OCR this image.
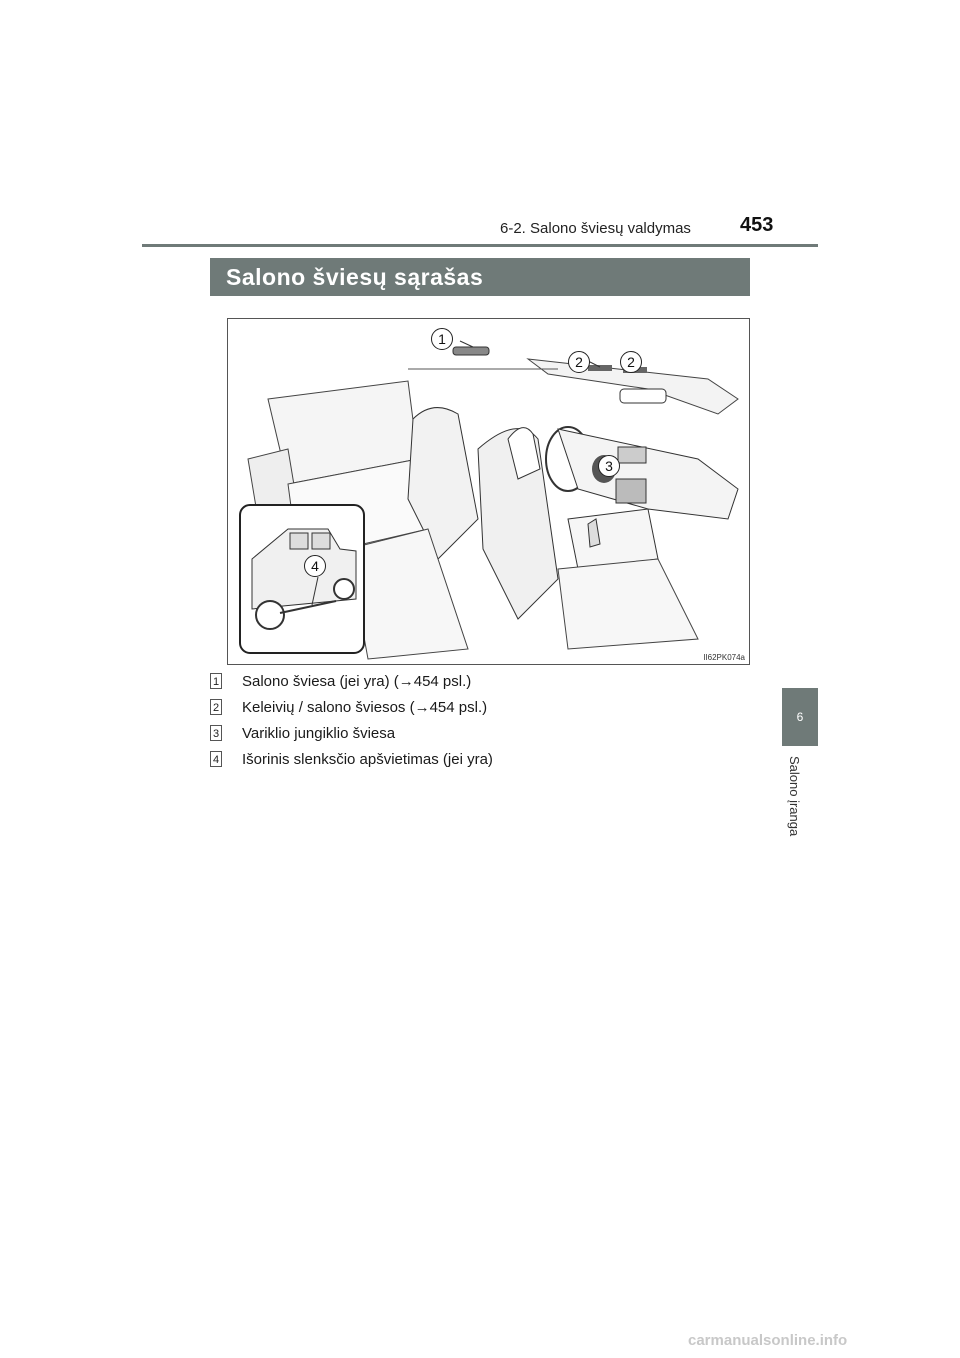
6-2. Salono šviesų valdymas 453
Salono šviesų sąrašas
1
2	2
3
4
II62PK074a
1 Salono šviesa (jei yra) (→454 psl.)
2 Keleivių / salono šviesos (→454 psl.)
3 Variklio jungiklio šviesa
4 Išorinis slenksčio apšvietimas (jei yra)
6
Salono įranga
carmanualsonline.info
